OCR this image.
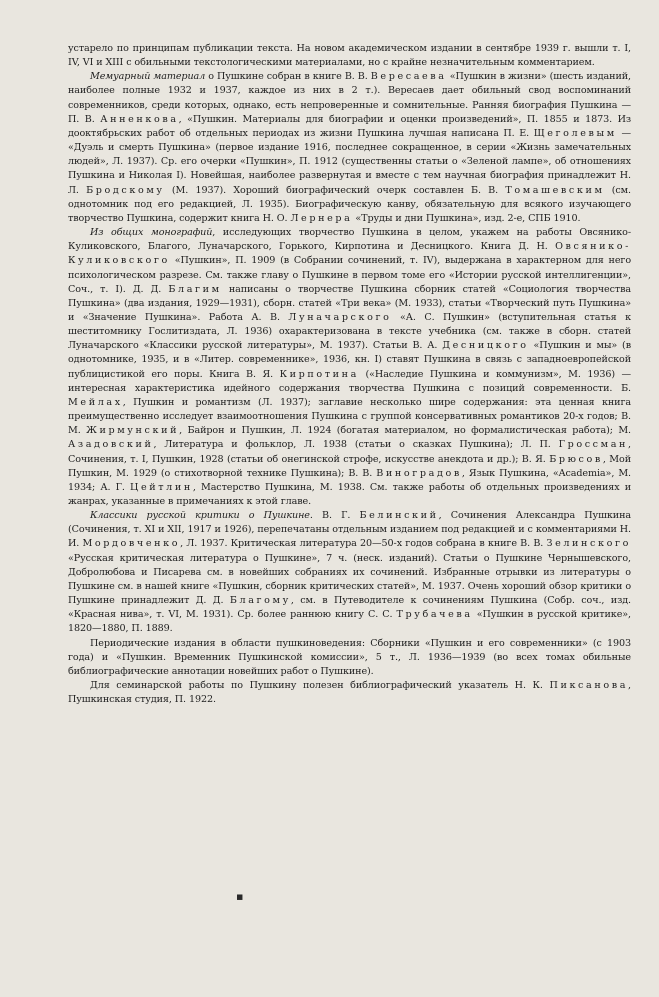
устарело по принципам публикации текста. На новом академическом издании в сентябре 1939 г. вышли т. I, IV, VI и XIII с обильными текстологическими материалами, но с крайне незначительным комментарием.

Мемуарный материал о Пушкине собран в книге В. В. Вересаева «Пушкин в жизни» (шесть изданий, наиболее полные 1932 и 1937, каждое из них в 2 т.). Вересаев дает обильный свод воспоминаний современников, среди которых, однако, есть непроверенные и сомнительные. Ранняя биография Пушкина — П. В. Анненкова, «Пушкин. Материалы для биографии и оценки произведений», П. 1855 и 1873. Из дооктябрьских работ об отдельных периодах из жизни Пушкина лучшая написана П. Е. Щеголевым — «Дуэль и смерть Пушкина» (первое издание 1916, последнее сокращенное, в серии «Жизнь замечательных людей», Л. 1937). Ср. его очерки «Пушкин», П. 1912 (существенны статьи о «Зеленой лампе», об отношениях Пушкина и Николая I). Новейшая, наиболее развернутая и вместе с тем научная биография принадлежит Н. Л. Бродскому (М. 1937). Хороший биографический очерк составлен Б. В. Томашевским (см. однотомник под его редакцией, Л. 1935). Биографическую канву, обязательную для всякого изучающего творчество Пушкина, содержит книга Н. О. Лернера «Труды и дни Пушкина», изд. 2-е, СПБ 1910.

Из общих монографий, исследующих творчество Пушкина в целом, укажем на работы Овсянико-Куликовского, Благого, Луначарского, Горького, Кирпотина и Десницкого. Книга Д. Н. Овсянико-Куликовского «Пушкин», П. 1909 (в Собрании сочинений, т. IV), выдержана в характерном для него психологическом разрезе. См. также главу о Пушкине в первом томе его «Истории русской интеллигенции», Соч., т. I). Д. Д. Благим написаны о творчестве Пушкина сборник статей «Социология творчества Пушкина» (два издания, 1929—1931), сборн. статей «Три века» (М. 1933), статьи «Творческий путь Пушкина» и «Значение Пушкина». Работа А. В. Луначарского «А. С. Пушкин» (вступительная статья к шеститомнику Гослитиздата, Л. 1936) охарактеризована в тексте учебника (см. также в сборн. статей Луначарского «Классики русской литературы», М. 1937). Статьи В. А. Десницкого «Пушкин и мы» (в однотомнике, 1935, и в «Литер. современнике», 1936, кн. I) ставят Пушкина в связь с западноевропейской публицистикой его поры. Книга В. Я. Кирпотина («Наследие Пушкина и коммунизм», М. 1936) — интересная характеристика идейного содержания творчества Пушкина с позиций современности. Б. Мейлах, Пушкин и романтизм (Л. 1937); заглавие несколько шире содержания: эта ценная книга преимущественно исследует взаимоотношения Пушкина с группой консервативных романтиков 20-х годов; В. М. Жирмунский, Байрон и Пушкин, Л. 1924 (богатая материалом, но формалистическая работа); М. Азадовский, Литература и фольклор, Л. 1938 (статьи о сказках Пушкина); Л. П. Гроссман, Сочинения, т. I, Пушкин, 1928 (статьи об онегинской строфе, искусстве анекдота и др.); В. Я. Брюсов, Мой Пушкин, М. 1929 (о стихотворной технике Пушкина); В. В. Виноградов, Язык Пушкина, «Academia», М. 1934; А. Г. Цейтлин, Мастерство Пушкина, М. 1938. См. также работы об отдельных произведениях и жанрах, указанные в примечаниях к этой главе.

Классики русской критики о Пушкине. В. Г. Белинский, Сочинения Александра Пушкина (Сочинения, т. XI и XII, 1917 и 1926), перепечатаны отдельным изданием под редакцией и с комментариями Н. И. Мордовченко, Л. 1937. Критическая литература 20—50-х годов собрана в книге В. В. Зелинского «Русская критическая литература о Пушкине», 7 ч. (неск. изданий). Статьи о Пушкине Чернышевского, Добролюбова и Писарева см. в новейших собраниях их сочинений. Избранные отрывки из литературы о Пушкине см. в нашей книге «Пушкин, сборник критических статей», М. 1937. Очень хороший обзор критики о Пушкине принадлежит Д. Д. Благому, см. в Путеводителе к сочинениям Пушкина (Собр. соч., изд. «Красная нива», т. VI, М. 1931). Ср. более раннюю книгу С. С. Трубачева «Пушкин в русской критике», 1820—1880, П. 1889.

Периодические издания в области пушкиноведения: Сборники «Пушкин и его современники» (с 1903 года) и «Пушкин. Временник Пушкинской комиссии», 5 т., Л. 1936—1939 (во всех томах обильные библиографические аннотации новейших работ о Пушкине).

Для семинарской работы по Пушкину полезен библиографический указатель Н. К. Пиксанова, Пушкинская студия, П. 1922.

▪
